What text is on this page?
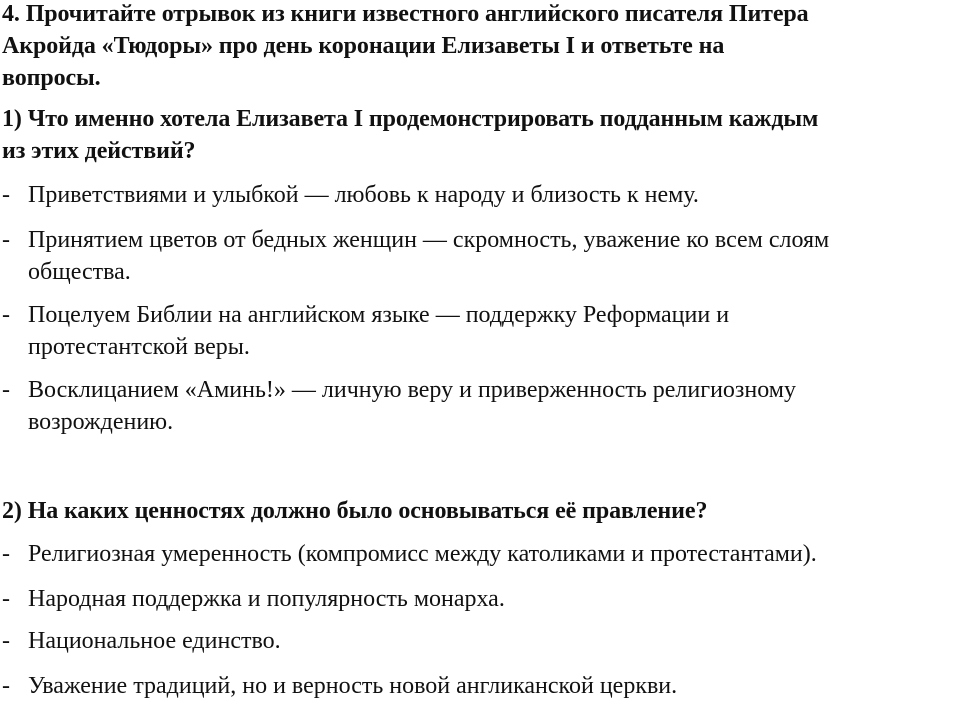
4. Прочитайте отрывок из книги известного английского писателя Питера
Акройда «Тюдоры» про день коронации Елизаветы I и ответьте на
вопросы.
1) Что именно хотела Елизавета I продемонстрировать подданным каждым
из этих действий?
- Приветствиями и улыбкой — любовь к народу и близость к нему.
- Принятием цветов от бедных женщин — скромность, уважение ко всем слоям
общества.
- Поцелуем Библии на английском языке — поддержку Реформации и
протестантской веры.
- Восклицанием «Аминь!» — личную веру и приверженность религиозному
возрождению.
2) На каких ценностях должно было основываться её правление?
- Религиозная умеренность (компромисс между католиками и протестантами).
- Народная поддержка и популярность монарха.
- Национальное единство.
- Уважение традиций, но и верность новой англиканской церкви.
